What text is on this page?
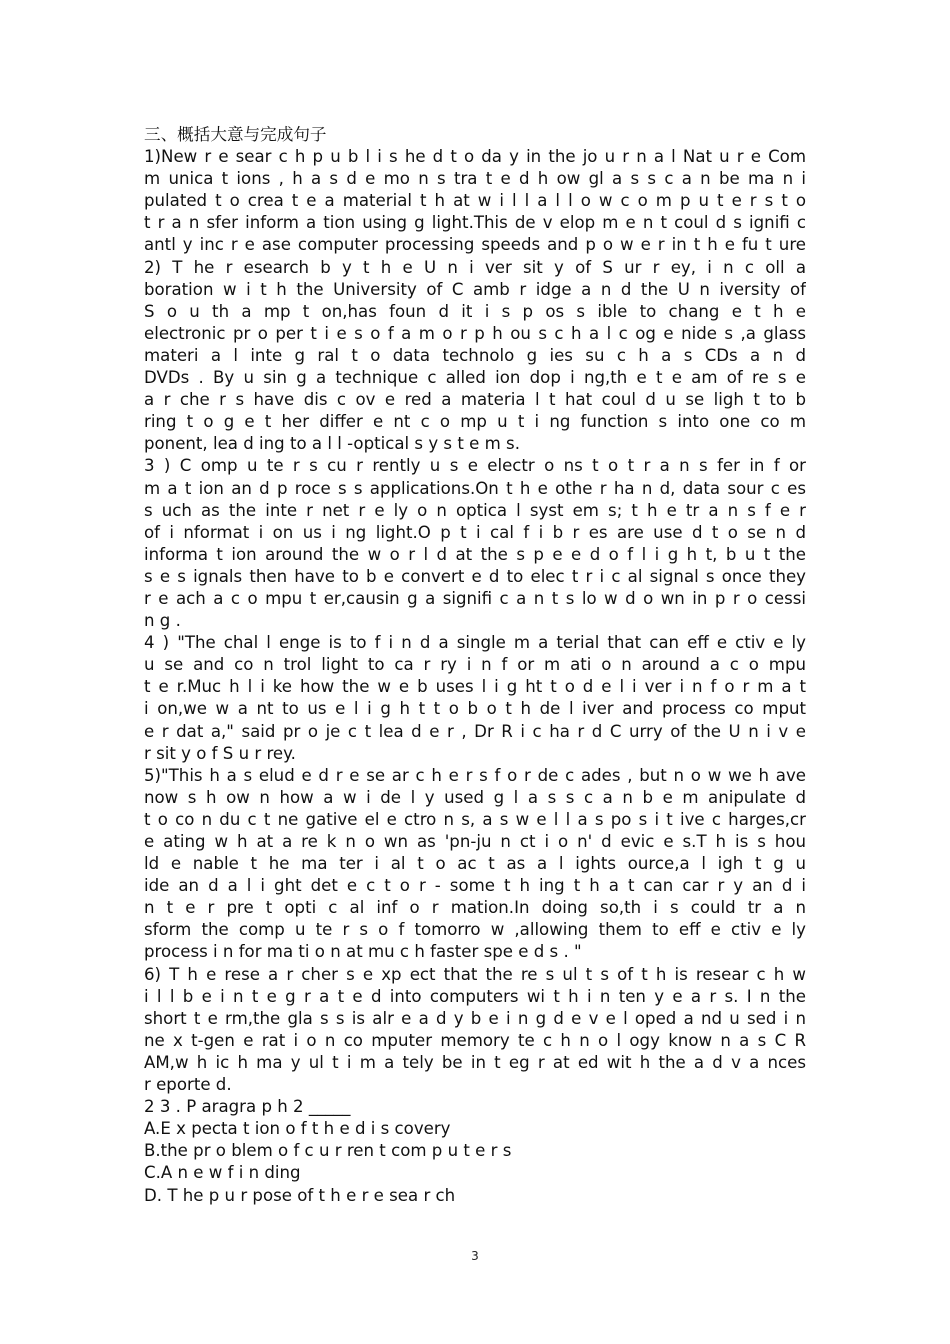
三、概括大意与完成句子
1)New r e sear c h p u b l i s he d t o da y in the jo u r n a l Nat u r e Com
m unica t ions , h a s d e mo n s tra t e d h ow gl a s s c a n be ma n i
pulated t o crea t e a material t h at w i l l a l l o w c o m p u t e r s t o
t r a n sfer inform a tion using g light.This de v elop m e n t coul d s ignifi c
antl y inc r e ase computer processing speeds and p o w e r in t h e fu t ure
2) T he r esearch b y t h e U n i ver sit y of S ur r ey, i n c oll a
boration w i t h the University of C amb r idge a n d the U n iversity of
S o u th a mp t on,has foun d it i s p os s ible to chang e t h e
electronic pr o per t i e s o f a m o r p h ou s c h a l c og e nide s ,a glass
materi a l inte g ral t o data technolo g ies su c h a s CDs a n d
DVDs . By u sin g a technique c alled ion dop i ng,th e t e am of re s e
a r che r s have dis c ov e red a materia l t hat coul d u se ligh t to b
ring t o g e t her differ e nt c o mp u t i ng function s into one co m
ponent, lea d ing to a l l -optical s y s t e m s.
3 ) C omp u te r s cu r rently u s e electr o ns t o t r a n s fer in f or
m a t ion an d p roce s s applications.On t h e othe r ha n d, data sour c es
s uch as the inte r net r e ly o n optica l syst em s; t h e tr a n s f e r
of i nformat i on us i ng light.O p t i cal f i b r es are use d t o se n d
informa t ion around the w o r l d at the s p e e d o f l i g h t, b u t the
s e s ignals then have to b e convert e d to elec t r i c al signal s once they
r e ach a c o mpu t er,causin g a signifi c a n t s lo w d o wn in p r o cessi
n g .
4 ) "The chal l enge is to f i n d a single m a terial that can eff e ctiv e ly
u se and co n trol light to ca r ry i n f or m ati o n around a c o mpu
t e r.Muc h l i ke how the w e b uses l i g ht t o d e l i ver i n f o r m a t
i on,we w a nt to us e l i g h t t o b o t h de l iver and process co mput
e r dat a," said pr o je c t lea d e r , Dr R i c ha r d C urry of the U n i v e
r sit y o f S u r rey.
5)"This h a s elud e d r e se ar c h e r s f o r de c ades , but n o w we h ave
now s h ow n how a w i de l y used g l a s s c a n b e m anipulate d
t o co n du c t ne gative el e ctro n s, a s w e l l a s po s i t ive c harges,cr
e ating w h at a re k n o wn as 'pn-ju n ct i o n' d evic e s.T h is s hou
ld e nable t he ma ter i al t o ac t as a l ights ource,a l igh t g u
ide an d a l i ght det e c t o r - some t h ing t h a t can car r y an d i
n t e r pre t opti c al inf o r mation.In doing so,th i s could tr a n
sform the comp u te r s o f tomorro w ,allowing them to eff e ctiv e ly
process i n for ma ti o n at mu c h faster spe e d s . "
6) T h e rese a r cher s e xp ect that the re s ul t s of t h is resear c h w
i l l b e i n t e g r a t e d into computers wi t h i n ten y e a r s. I n the
short t e rm,the gla s s is alr e a d y b e i n g d e v e l oped a nd u sed i n
ne x t-gen e rat i o n co mputer memory te c h n o l ogy know n a s C R
AM,w h ic h ma y ul t i m a tely be in t eg r at ed wit h the a d v a nces
r eporte d.
2 3 . P aragra p h 2 _____
A.E x pecta t ion o f t h e d i s covery
B.the pr o blem o f c u r ren t com p u t e r s
C.A n e w f i n ding
D. T he p u r pose of t h e r e sea r ch
3
